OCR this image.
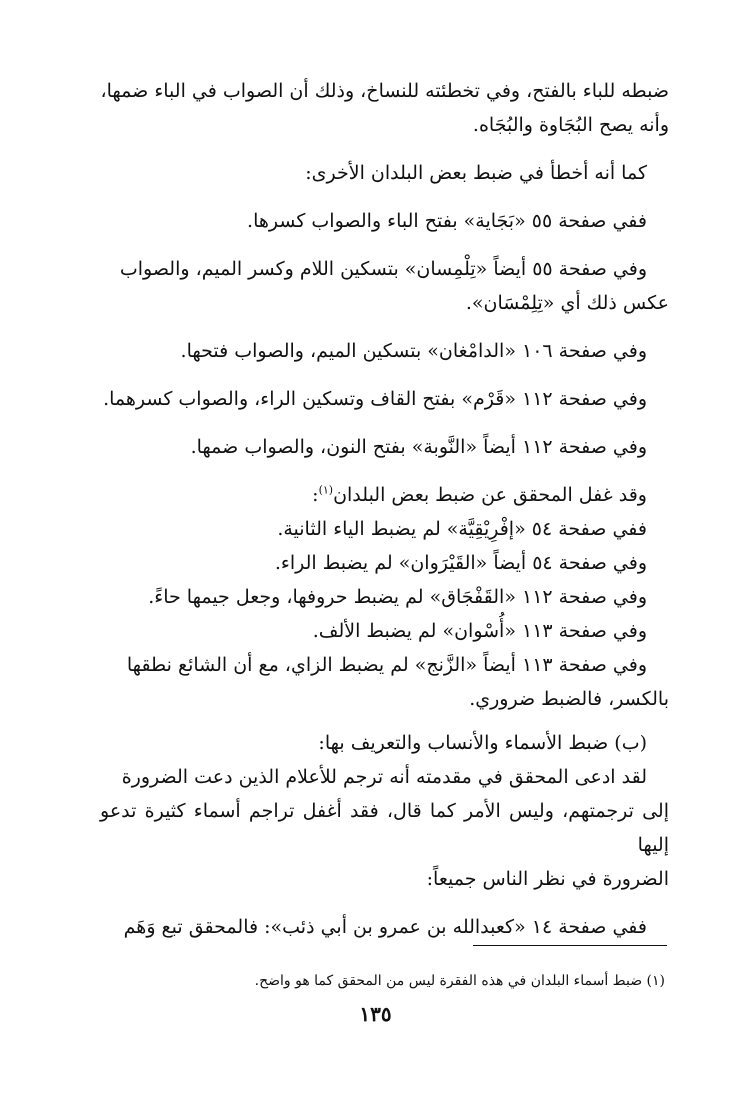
ضبطه للباء بالفتح، وفي تخطئته للنساخ، وذلك أن الصواب في الباء ضمها،

وأنه يصح البُجَاوة والبُجَاه.

كما أنه أخطأ في ضبط بعض البلدان الأخرى:

ففي صفحة ٥٥ «بَجَاية» بفتح الباء والصواب كسرها.

وفي صفحة ٥٥ أيضاً «تِلْمِسان» بتسكين اللام وكسر الميم، والصواب

عكس ذلك أي «تِلِمْسَان».

وفي صفحة ١٠٦ «الدامْغان» بتسكين الميم، والصواب فتحها.

وفي صفحة ١١٢ «قَرْم» بفتح القاف وتسكين الراء، والصواب كسرهما.

وفي صفحة ١١٢ أيضاً «النَّوبة» بفتح النون، والصواب ضمها.

وقد غفل المحقق عن ضبط بعض البلدان$^{(١)}$:

ففي صفحة ٥٤ «إفْرِيْقِيَّة» لم يضبط الياء الثانية.

وفي صفحة ٥٤ أيضاً «القَيْرَوان» لم يضبط الراء.

وفي صفحة ١١٢ «القَفْجَاق» لم يضبط حروفها، وجعل جيمها حاءً.

وفي صفحة ١١٣ «أُسْوان» لم يضبط الألف.

وفي صفحة ١١٣ أيضاً «الزَّنج» لم يضبط الزاي، مع أن الشائع نطقها

بالكسر، فالضبط ضروري.

(ب) ضبط الأسماء والأنساب والتعريف بها:

لقد ادعى المحقق في مقدمته أنه ترجم للأعلام الذين دعت الضرورة

إلى ترجمتهم، وليس الأمر كما قال، فقد أغفل تراجم أسماء كثيرة تدعو إليها

الضرورة في نظر الناس جميعاً:

ففي صفحة ١٤ «كعبدالله بن عمرو بن أبي ذئب»: فالمحقق تبع وَهَم

(١) ضبط أسماء البلدان في هذه الفقرة ليس من المحقق كما هو واضح.

١٣٥
